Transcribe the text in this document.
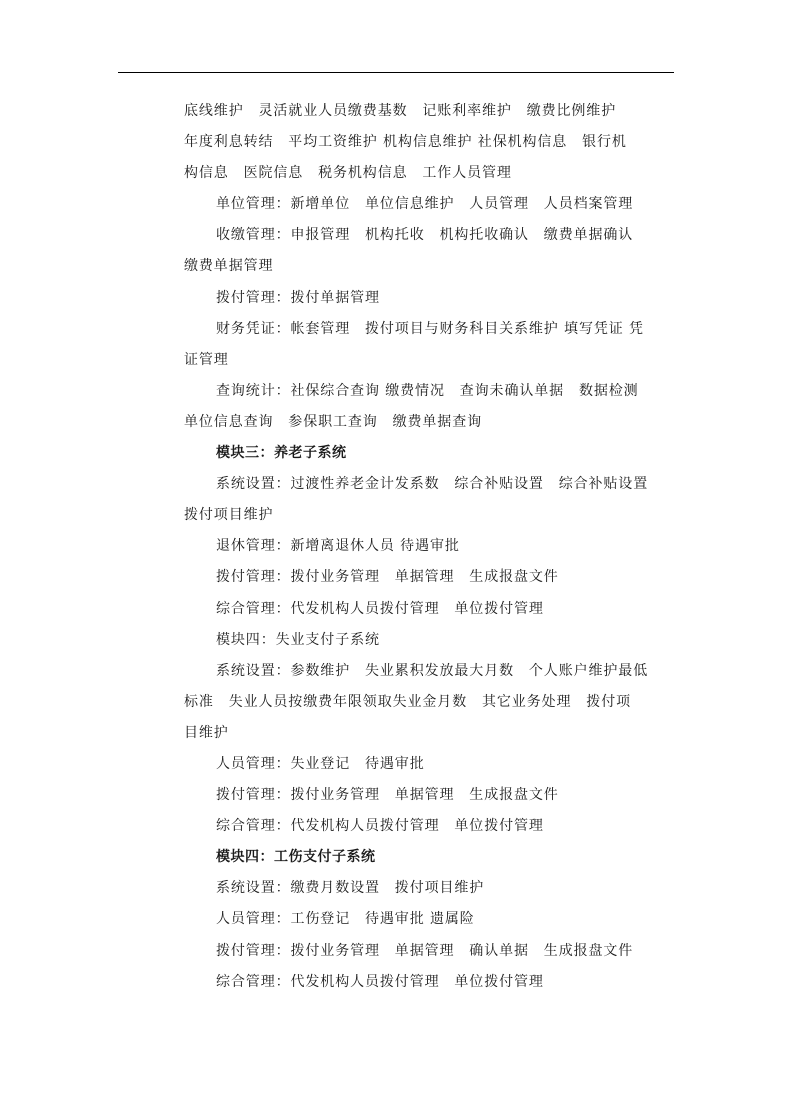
底线维护　灵活就业人员缴费基数　记账利率维护　缴费比例维护
年度利息转结　平均工资维护 机构信息维护 社保机构信息　银行机
构信息　医院信息　税务机构信息　工作人员管理
单位管理：新增单位　单位信息维护　人员管理　人员档案管理
收缴管理：申报管理　机构托收　机构托收确认　缴费单据确认
缴费单据管理
拨付管理：拨付单据管理
财务凭证：帐套管理　拨付项目与财务科目关系维护 填写凭证 凭
证管理
查询统计：社保综合查询 缴费情况　查询未确认单据　数据检测
单位信息查询　参保职工查询　缴费单据查询
模块三：养老子系统
系统设置：过渡性养老金计发系数　综合补贴设置　综合补贴设置
拨付项目维护
退休管理：新增离退休人员 待遇审批
拨付管理：拨付业务管理　单据管理　生成报盘文件
综合管理：代发机构人员拨付管理　单位拨付管理
模块四：失业支付子系统
系统设置：参数维护　失业累积发放最大月数　个人账户维护最低
标准　失业人员按缴费年限领取失业金月数　其它业务处理　拨付项
目维护
人员管理：失业登记　待遇审批
拨付管理：拨付业务管理　单据管理　生成报盘文件
综合管理：代发机构人员拨付管理　单位拨付管理
模块四：工伤支付子系统
系统设置：缴费月数设置　拨付项目维护
人员管理：工伤登记　待遇审批 遗属险
拨付管理：拨付业务管理　单据管理　确认单据　生成报盘文件
综合管理：代发机构人员拨付管理　单位拨付管理
